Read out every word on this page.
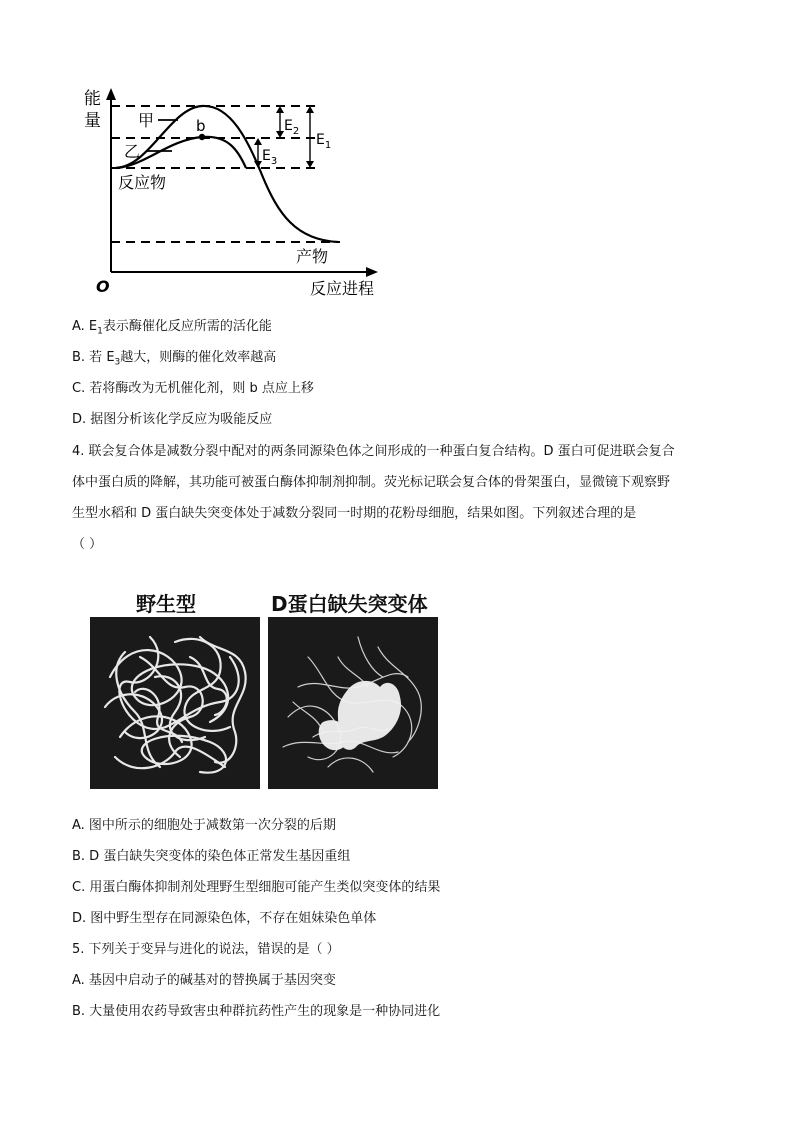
能
量
O	反应进程
反应物
产物
甲
乙
b	$E_2$
$E_3$
$E_1$
A. $E_1$表示酶催化反应所需的活化能
B. 若 $E_3$越大，则酶的催化效率越高
C. 若将酶改为无机催化剂，则 b 点应上移
D. 据图分析该化学反应为吸能反应
4. 联会复合体是减数分裂中配对的两条同源染色体之间形成的一种蛋白复合结构。D 蛋白可促进联会复合
体中蛋白质的降解，其功能可被蛋白酶体抑制剂抑制。荧光标记联会复合体的骨架蛋白，显微镜下观察野
生型水稻和 D 蛋白缺失突变体处于减数分裂同一时期的花粉母细胞，结果如图。下列叙述合理的是
（ ）
野生型	D蛋白缺失突变体
A. 图中所示的细胞处于减数第一次分裂的后期
B. D 蛋白缺失突变体的染色体正常发生基因重组
C. 用蛋白酶体抑制剂处理野生型细胞可能产生类似突变体的结果
D. 图中野生型存在同源染色体，不存在姐妹染色单体
5. 下列关于变异与进化的说法，错误的是（ ）
A. 基因中启动子的碱基对的替换属于基因突变
B. 大量使用农药导致害虫种群抗药性产生的现象是一种协同进化
